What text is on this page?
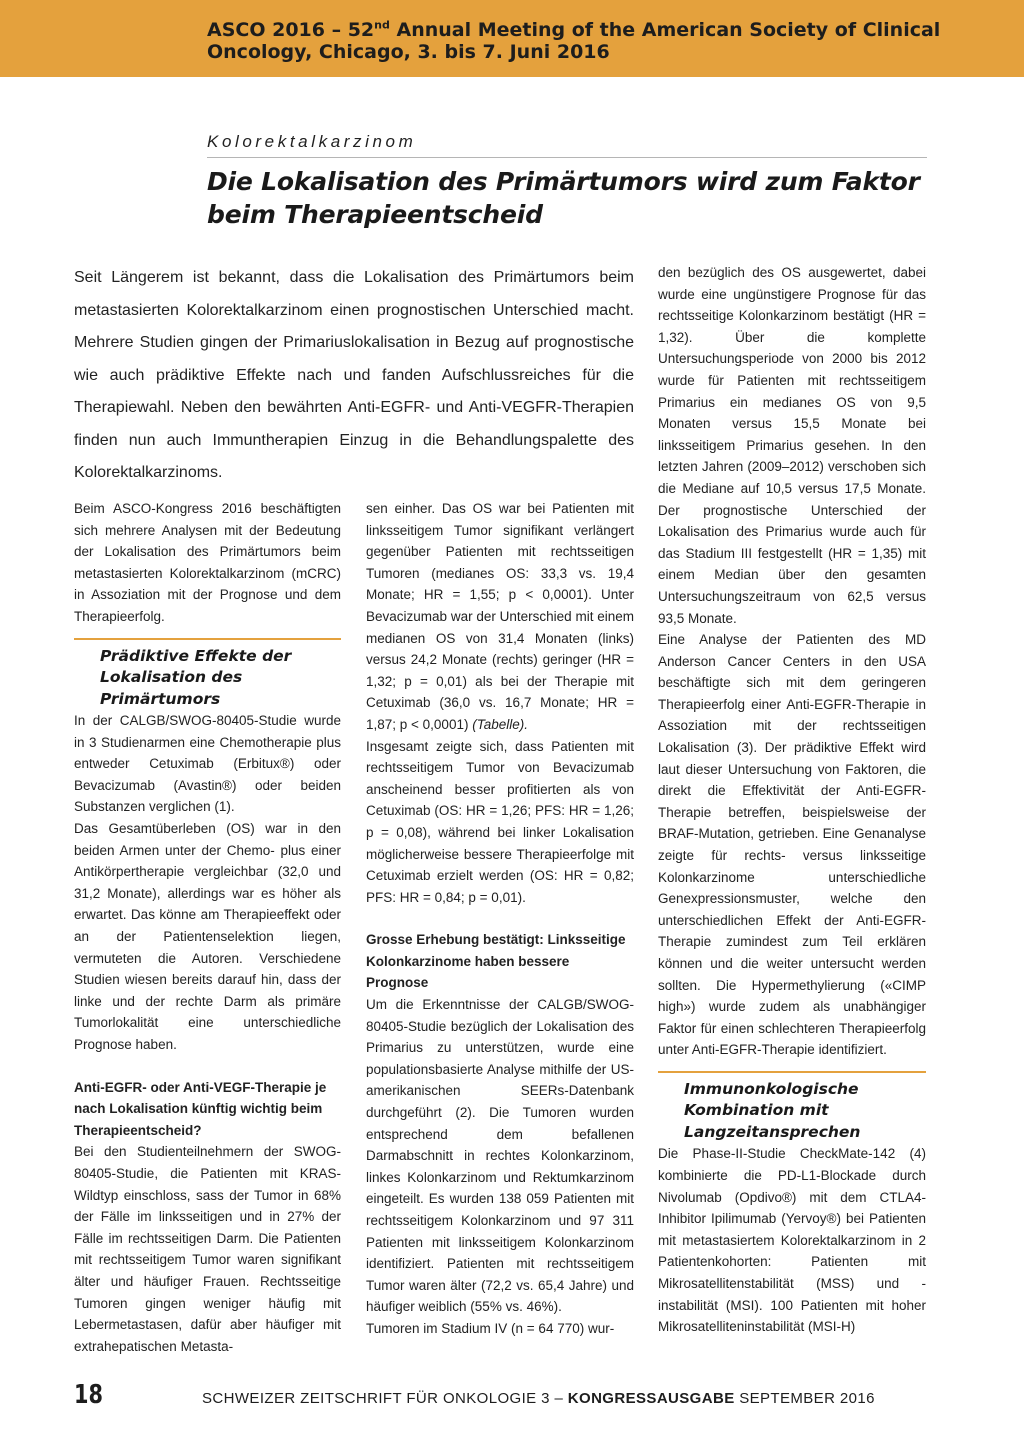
ASCO 2016 – 52nd Annual Meeting of the American Society of Clinical
Oncology, Chicago, 3. bis 7. Juni 2016
Kolorektalkarzinom
Die Lokalisation des Primärtumors wird zum Faktor beim Therapieentscheid
Seit Längerem ist bekannt, dass die Lokalisation des Primärtumors beim metastasierten Kolorektalkarzinom einen prognostischen Unterschied macht. Mehrere Studien gingen der Primariuslokalisation in Bezug auf prognostische wie auch prädiktive Effekte nach und fanden Aufschlussreiches für die Therapiewahl. Neben den bewährten Anti-EGFR- und Anti-VEGFR-Therapien finden nun auch Immuntherapien Einzug in die Behandlungspalette des Kolorektalkarzinoms.

Beim ASCO-Kongress 2016 beschäftigten sich mehrere Analysen mit der Bedeutung der Lokalisation des Primärtumors beim metastasierten Kolorektalkarzinom (mCRC) in Assoziation mit der Prognose und dem Therapieerfolg.

Prädiktive Effekte der Lokalisation des Primärtumors

In der CALGB/SWOG-80405-Studie wurde in 3 Studienarmen eine Chemotherapie plus entweder Cetuximab (Erbitux®) oder Bevacizumab (Avastin®) oder beiden Substanzen verglichen (1).

Das Gesamtüberleben (OS) war in den beiden Armen unter der Chemo- plus einer Antikörpertherapie vergleichbar (32,0 und 31,2 Monate), allerdings war es höher als erwartet. Das könne am Therapieeffekt oder an der Patientenselektion liegen, vermuteten die Autoren. Verschiedene Studien wiesen bereits darauf hin, dass der linke und der rechte Darm als primäre Tumorlokalität eine unterschiedliche Prognose haben.

Anti-EGFR- oder Anti-VEGF-Therapie je nach Lokalisation künftig wichtig beim Therapieentscheid?

Bei den Studienteilnehmern der SWOG-80405-Studie, die Patienten mit KRAS-Wildtyp einschloss, sass der Tumor in 68% der Fälle im linksseitigen und in 27% der Fälle im rechtsseitigen Darm. Die Patienten mit rechtsseitigem Tumor waren signifikant älter und häufiger Frauen. Rechtsseitige Tumoren gingen weniger häufig mit Lebermetastasen, dafür aber häufiger mit extrahepatischen Metasta-

sen einher. Das OS war bei Patienten mit linksseitigem Tumor signifikant verlängert gegenüber Patienten mit rechtsseitigen Tumoren (medianes OS: 33,3 vs. 19,4 Monate; HR = 1,55; p < 0,0001). Unter Bevacizumab war der Unterschied mit einem medianen OS von 31,4 Monaten (links) versus 24,2 Monate (rechts) geringer (HR = 1,32; p = 0,01) als bei der Therapie mit Cetuximab (36,0 vs. 16,7 Monate; HR = 1,87; p < 0,0001) (Tabelle).

Insgesamt zeigte sich, dass Patienten mit rechtsseitigem Tumor von Bevacizumab anscheinend besser profitierten als von Cetuximab (OS: HR = 1,26; PFS: HR = 1,26; p = 0,08), während bei linker Lokalisation möglicherweise bessere Therapieerfolge mit Cetuximab erzielt werden (OS: HR = 0,82; PFS: HR = 0,84; p = 0,01).

Grosse Erhebung bestätigt: Linksseitige Kolonkarzinome haben bessere Prognose

Um die Erkenntnisse der CALGB/SWOG-80405-Studie bezüglich der Lokalisation des Primarius zu unterstützen, wurde eine populationsbasierte Analyse mithilfe der US-amerikanischen SEERs-Datenbank durchgeführt (2). Die Tumoren wurden entsprechend dem befallenen Darmabschnitt in rechtes Kolonkarzinom, linkes Kolonkarzinom und Rektumkarzinom eingeteilt. Es wurden 138 059 Patienten mit rechtsseitigem Kolonkarzinom und 97 311 Patienten mit linksseitigem Kolonkarzinom identifiziert. Patienten mit rechtsseitigem Tumor waren älter (72,2 vs. 65,4 Jahre) und häufiger weiblich (55% vs. 46%).

Tumoren im Stadium IV (n = 64 770) wur-

den bezüglich des OS ausgewertet, dabei wurde eine ungünstigere Prognose für das rechtsseitige Kolonkarzinom bestätigt (HR = 1,32). Über die komplette Untersuchungsperiode von 2000 bis 2012 wurde für Patienten mit rechtsseitigem Primarius ein medianes OS von 9,5 Monaten versus 15,5 Monate bei linksseitigem Primarius gesehen. In den letzten Jahren (2009–2012) verschoben sich die Mediane auf 10,5 versus 17,5 Monate. Der prognostische Unterschied der Lokalisation des Primarius wurde auch für das Stadium III festgestellt (HR = 1,35) mit einem Median über den gesamten Untersuchungszeitraum von 62,5 versus 93,5 Monate.

Eine Analyse der Patienten des MD Anderson Cancer Centers in den USA beschäftigte sich mit dem geringeren Therapieerfolg einer Anti-EGFR-Therapie in Assoziation mit der rechtsseitigen Lokalisation (3). Der prädiktive Effekt wird laut dieser Untersuchung von Faktoren, die direkt die Effektivität der Anti-EGFR-Therapie betreffen, beispielsweise der BRAF-Mutation, getrieben. Eine Genanalyse zeigte für rechts- versus linksseitige Kolonkarzinome unterschiedliche Genexpressionsmuster, welche den unterschiedlichen Effekt der Anti-EGFR-Therapie zumindest zum Teil erklären können und die weiter untersucht werden sollten. Die Hypermethylierung («CIMP high») wurde zudem als unabhängiger Faktor für einen schlechteren Therapieerfolg unter Anti-EGFR-Therapie identifiziert.

Immunonkologische Kombination mit Langzeitansprechen

Die Phase-II-Studie CheckMate-142 (4) kombinierte die PD-L1-Blockade durch Nivolumab (Opdivo®) mit dem CTLA4-Inhibitor Ipilimumab (Yervoy®) bei Patienten mit metastasiertem Kolorektalkarzinom in 2 Patientenkohorten: Patienten mit Mikrosatellitenstabilität (MSS) und -instabilität (MSI). 100 Patienten mit hoher Mikrosatelliteninstabilität (MSI-H)

18	SCHWEIZER ZEITSCHRIFT FÜR ONKOLOGIE 3 – KONGRESSAUSGABE SEPTEMBER 2016
